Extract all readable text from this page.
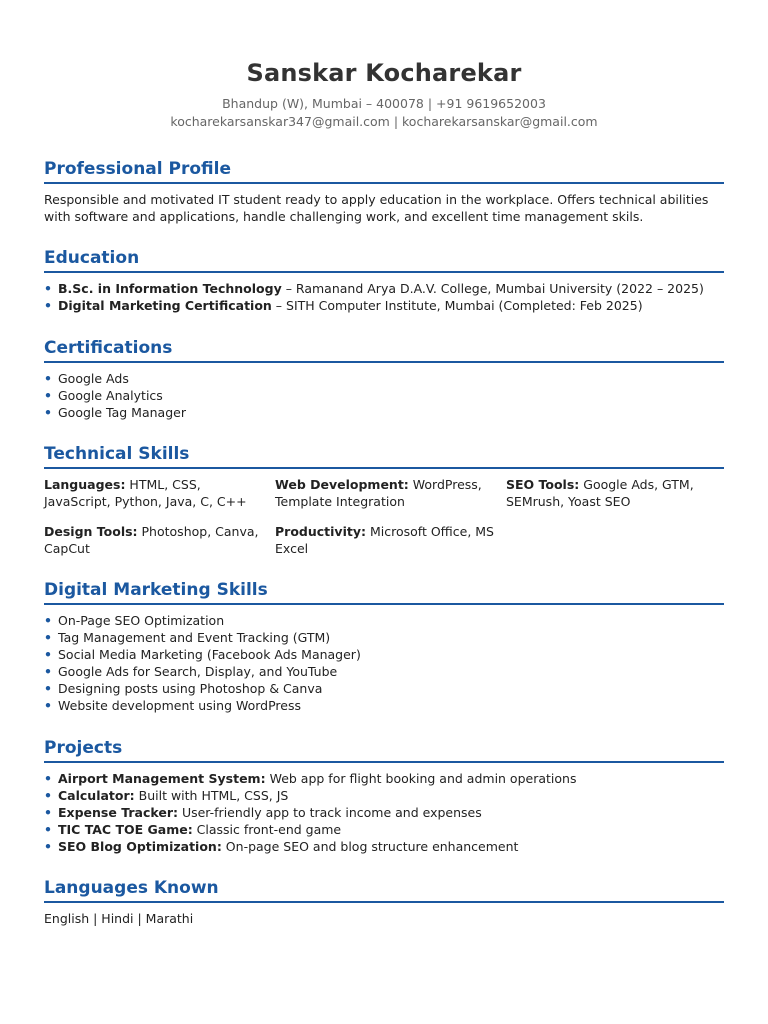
Sanskar Kocharekar
Bhandup (W), Mumbai – 400078 | +91 9619652003
kocharekarsanskar347@gmail.com | kocharekarsanskar@gmail.com
Professional Profile
Responsible and motivated IT student ready to apply education in the workplace. Offers technical abilities with software and applications, handle challenging work, and excellent time management skils.
Education
• B.Sc. in Information Technology – Ramanand Arya D.A.V. College, Mumbai University (2022 – 2025)
• Digital Marketing Certification – SITH Computer Institute, Mumbai (Completed: Feb 2025)
Certifications
• Google Ads
• Google Analytics
• Google Tag Manager
Technical Skills
Languages: HTML, CSS, JavaScript, Python, Java, C, C++
Web Development: WordPress, Template Integration
SEO Tools: Google Ads, GTM, SEMrush, Yoast SEO
Design Tools: Photoshop, Canva, CapCut
Productivity: Microsoft Office, MS Excel
Digital Marketing Skills
• On-Page SEO Optimization
• Tag Management and Event Tracking (GTM)
• Social Media Marketing (Facebook Ads Manager)
• Google Ads for Search, Display, and YouTube
• Designing posts using Photoshop & Canva
• Website development using WordPress
Projects
• Airport Management System: Web app for flight booking and admin operations
• Calculator: Built with HTML, CSS, JS
• Expense Tracker: User-friendly app to track income and expenses
• TIC TAC TOE Game: Classic front-end game
• SEO Blog Optimization: On-page SEO and blog structure enhancement
Languages Known
English | Hindi | Marathi
